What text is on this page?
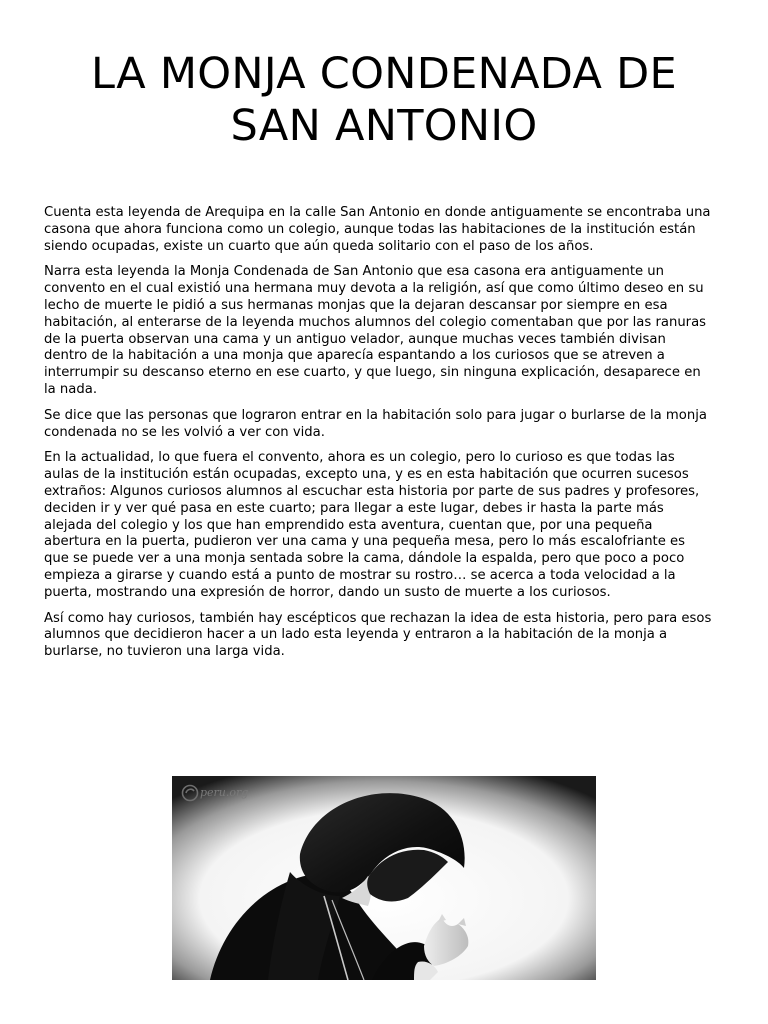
LA MONJA CONDENADA DE SAN ANTONIO

Cuenta esta leyenda de Arequipa en la calle San Antonio en donde antiguamente se encontraba una casona que ahora funciona como un colegio, aunque todas las habitaciones de la institución están siendo ocupadas, existe un cuarto que aún queda solitario con el paso de los años.

Narra esta leyenda la Monja Condenada de San Antonio que esa casona era antiguamente un convento en el cual existió una hermana muy devota a la religión, así que como último deseo en su lecho de muerte le pidió a sus hermanas monjas que la dejaran descansar por siempre en esa habitación, al enterarse de la leyenda muchos alumnos del colegio comentaban que por las ranuras de la puerta observan una cama y un antiguo velador, aunque muchas veces también divisan dentro de la habitación a una monja que aparecía espantando a los curiosos que se atreven a interrumpir su descanso eterno en ese cuarto, y que luego, sin ninguna explicación, desaparece en la nada.

Se dice que las personas que lograron entrar en la habitación solo para jugar o burlarse de la monja condenada no se les volvió a ver con vida.

En la actualidad, lo que fuera el convento, ahora es un colegio, pero lo curioso es que todas las aulas de la institución están ocupadas, excepto una, y es en esta habitación que ocurren sucesos extraños: Algunos curiosos alumnos al escuchar esta historia por parte de sus padres y profesores, deciden ir y ver qué pasa en este cuarto; para llegar a este lugar, debes ir hasta la parte más alejada del colegio y los que han emprendido esta aventura, cuentan que, por una pequeña abertura en la puerta, pudieron ver una cama y una pequeña mesa, pero lo más escalofriante es que se puede ver a una monja sentada sobre la cama, dándole la espalda, pero que poco a poco empieza a girarse y cuando está a punto de mostrar su rostro… se acerca a toda velocidad a la puerta, mostrando una expresión de horror, dando un susto de muerte a los curiosos.

Así como hay curiosos, también hay escépticos que rechazan la idea de esta historia, pero para esos alumnos que decidieron hacer a un lado esta leyenda y entraron a la habitación de la monja a burlarse, no tuvieron una larga vida.

peru.org
